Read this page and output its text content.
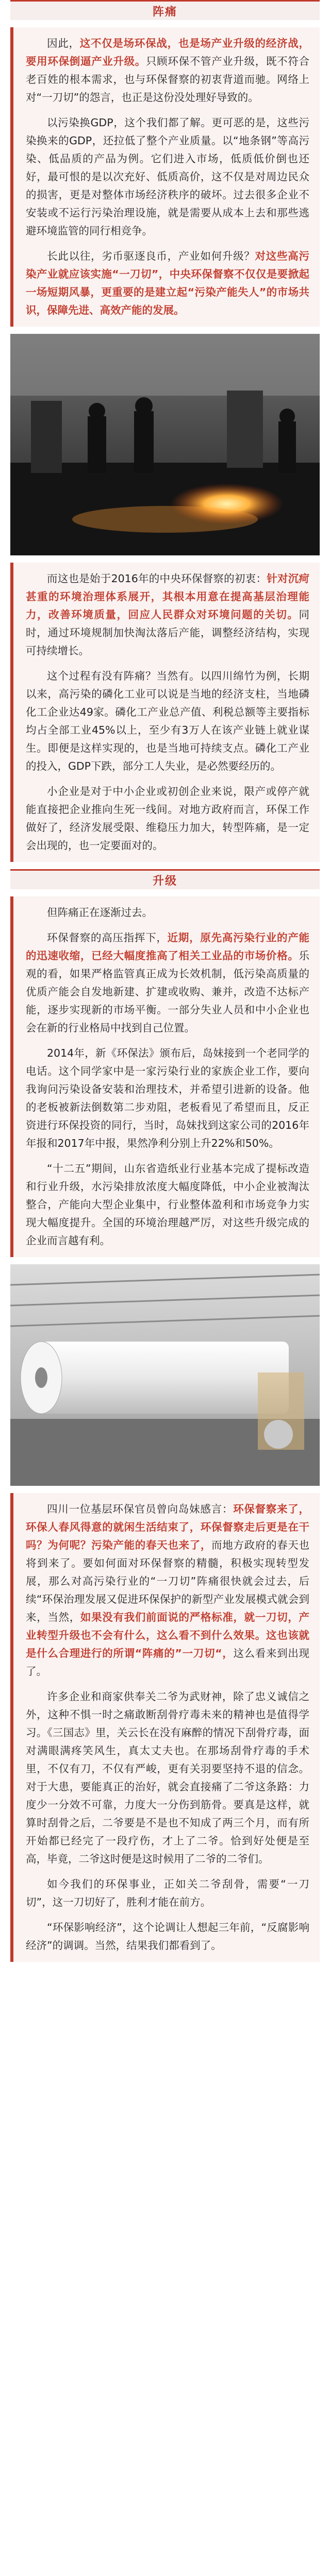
阵痛

因此，这不仅是场环保战，也是场产业升级的经济战，要用环保倒逼产业升级。只顾环保不管产业升级，既不符合老百姓的根本需求，也与环保督察的初衷背道而驰。网络上对“一刀切”的怨言，也正是这份没处理好导致的。

以污染换GDP，这个我们都了解。更可恶的是，这些污染换来的GDP，还拉低了整个产业质量。以“地条钢”等高污染、低品质的产品为例。它们进入市场，低质低价倒也还好，最可恨的是以次充好、低质高价，这不仅是对周边民众的损害，更是对整体市场经济秩序的破坏。过去很多企业不安装或不运行污染治理设施，就是需要从成本上去和那些逃避环境监管的同行相竞争。

长此以往，劣币驱逐良币，产业如何升级？对这些高污染产业就应该实施“一刀切”，中央环保督察不仅仅是要掀起一场短期风暴，更重要的是建立起“污染产能失人”的市场共识，保障先进、高效产能的发展。

而这也是始于2016年的中央环保督察的初衷：针对沉疴甚重的环境治理体系展开，其根本用意在提高基层治理能力，改善环境质量，回应人民群众对环境问题的关切。同时，通过环境规制加快淘汰落后产能，调整经济结构，实现可持续增长。

这个过程有没有阵痛？当然有。以四川绵竹为例，长期以来，高污染的磷化工业可以说是当地的经济支柱，当地磷化工企业达49家。磷化工产业总产值、利税总额等主要指标均占全部工业45%以上，至少有3万人在该产业链上就业谋生。即便是这样实现的，也是当地可持续支点。磷化工产业的投入，GDP下跌，部分工人失业，是必然要经历的。

小企业是对于中小企业或初创企业来说，限产或停产就能直接把企业推向生死一线间。对地方政府而言，环保工作做好了，经济发展受限、维稳压力加大，转型阵痛，是一定会出现的，也一定要面对的。

升级

但阵痛正在逐渐过去。

环保督察的高压指挥下，近期，原先高污染行业的产能的迅速收缩，已经大幅度推高了相关工业品的市场价格。乐观的看，如果严格监管真正成为长效机制，低污染高质量的优质产能会自发地新建、扩建或收购、兼并，改造不达标产能，逐步实现新的市场平衡。一部分失业人员和中小企业也会在新的行业格局中找到自己位置。

2014年，新《环保法》颁布后，岛妹接到一个老同学的电话。这个同学家中是一家污染行业的家族企业工作，要向我询问污染设备安装和治理技术，并希望引进新的设备。他的老板被新法倒数第二步劝阻，老板看见了希望而且，反正资进行环保投资的同行，当时，岛妹找到这家公司的2016年年报和2017年中报，果然净利分别上升22%和50%。

“十二五”期间，山东省造纸业行业基本完成了提标改造和行业升级，水污染排放浓度大幅度降低，中小企业被淘汰整合，产能向大型企业集中，行业整体盈利和市场竞争力实现大幅度提升。全国的环境治理越严厉，对这些升级完成的企业而言越有利。

四川一位基层环保官员曾向岛妹感言：环保督察来了，环保人春风得意的就闲生活结束了，环保督察走后更是在干吗？为何呢？污染产能的春天也来了，而地方政府的春天也将到来了。要如何面对环保督察的精髓，积极实现转型发展，那么对高污染行业的“一刀切”阵痛很快就会过去，后续“环保治理发展又促进环保保护的新型产业发展模式就会到来，当然，如果没有我们前面说的严格标准，就一刀切，产业转型升级也不会有什么，这么看不到什么效果。这也该就是什么合理进行的所谓“阵痛的”一刀切“，这么看来到出现了。

许多企业和商家供奉关二爷为武财神，除了忠义诚信之外，这种不惧一时之痛敢断刮骨疗毒未来的精神也是值得学习。《三国志》里，关云长在没有麻醉的情况下刮骨疗毒，面对满眼满疼笑风生，真太丈夫也。在那场刮骨疗毒的手术里，不仅有刀，不仅有严峻，更有关羽要坚持不退的信念。对于大患，要能真正的治好，就会直接痛了二爷这条路：力度少一分效不可靠，力度大一分伤到筋骨。要真是这样，就算时刮骨之后，二爷要是不是也不知成了两三个月，而有所开始都已经完了一段疗伤，才上了二爷。恰到好处便是至高，毕竟，二爷这时便是这时候用了二爷的二爷们。

如今我们的环保事业，正如关二爷刮骨，需要“一刀切”，这一刀切好了，胜利才能在前方。

“环保影响经济”，这个论调让人想起三年前，“反腐影响经济”的调调。当然，结果我们都看到了。
